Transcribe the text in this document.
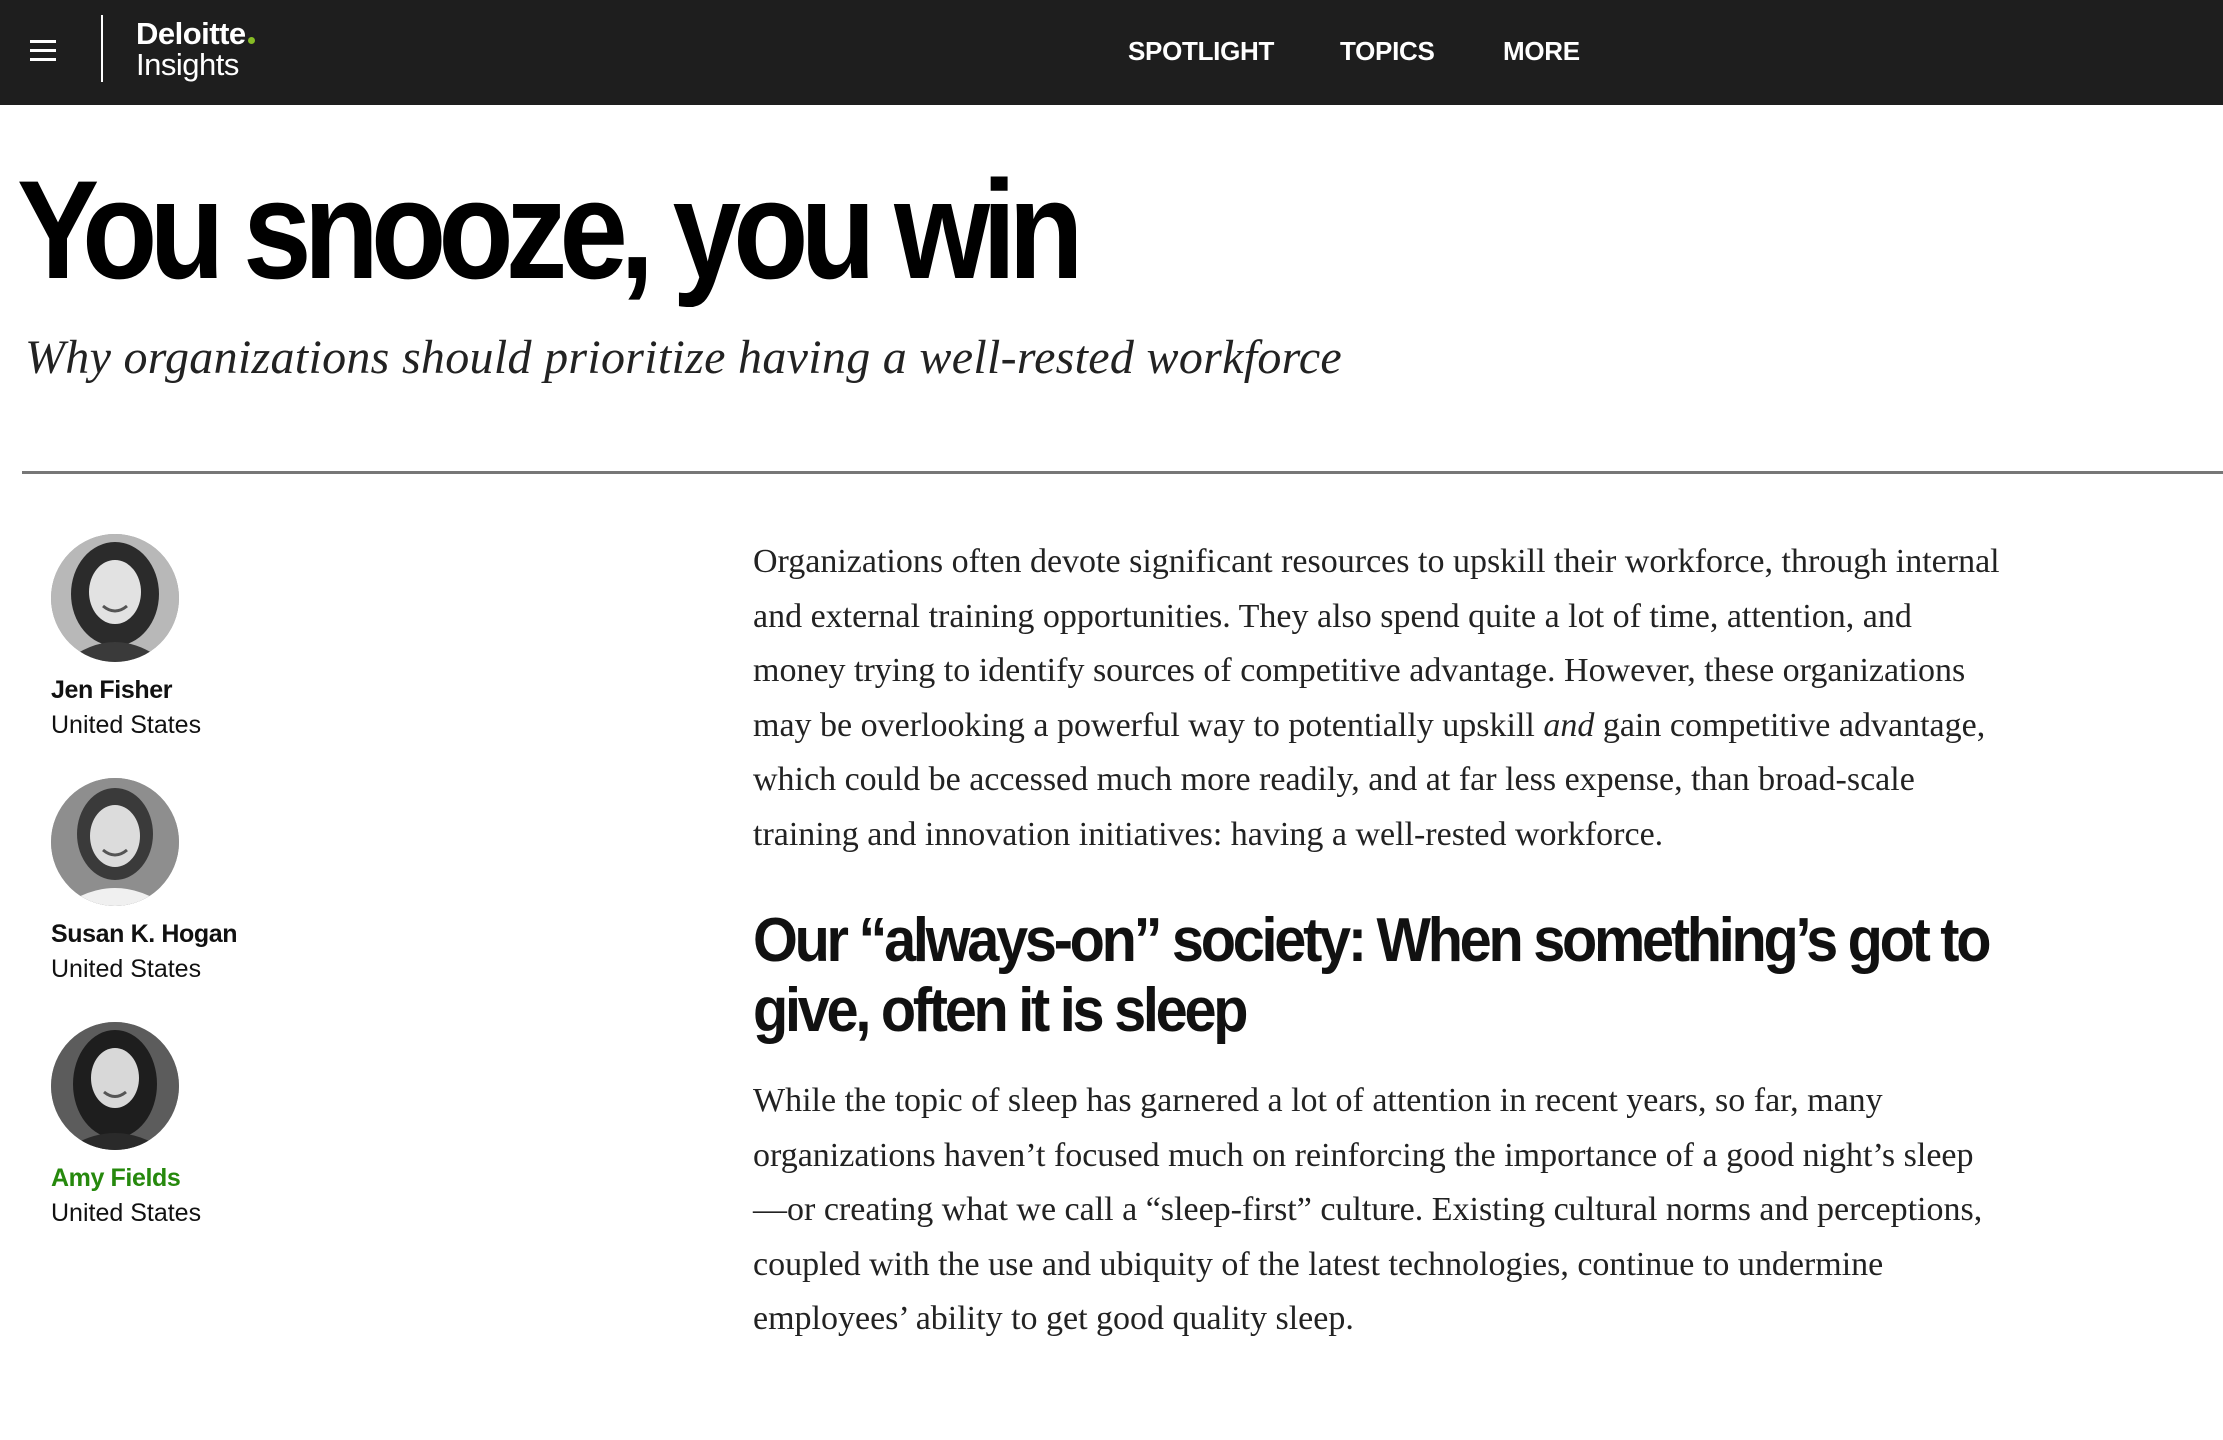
Deloitte
Insights	SPOTLIGHT	TOPICS	MORE
You snooze, you win

Why organizations should prioritize having a well-rested workforce

Jen Fisher
United States
Susan K. Hogan
United States
Amy Fields
United States

Organizations often devote significant resources to upskill their workforce, through internal and external training opportunities. They also spend quite a lot of time, attention, and money trying to identify sources of competitive advantage. However, these organizations may be overlooking a powerful way to potentially upskill and gain competitive advantage, which could be accessed much more readily, and at far less expense, than broad-scale training and innovation initiatives: having a well-rested workforce.

Our “always-on” society: When something’s got to give, often it is sleep

While the topic of sleep has garnered a lot of attention in recent years, so far, many organizations haven’t focused much on reinforcing the importance of a good night’s sleep—or creating what we call a “sleep-first” culture. Existing cultural norms and perceptions, coupled with the use and ubiquity of the latest technologies, continue to undermine employees’ ability to get good quality sleep.
